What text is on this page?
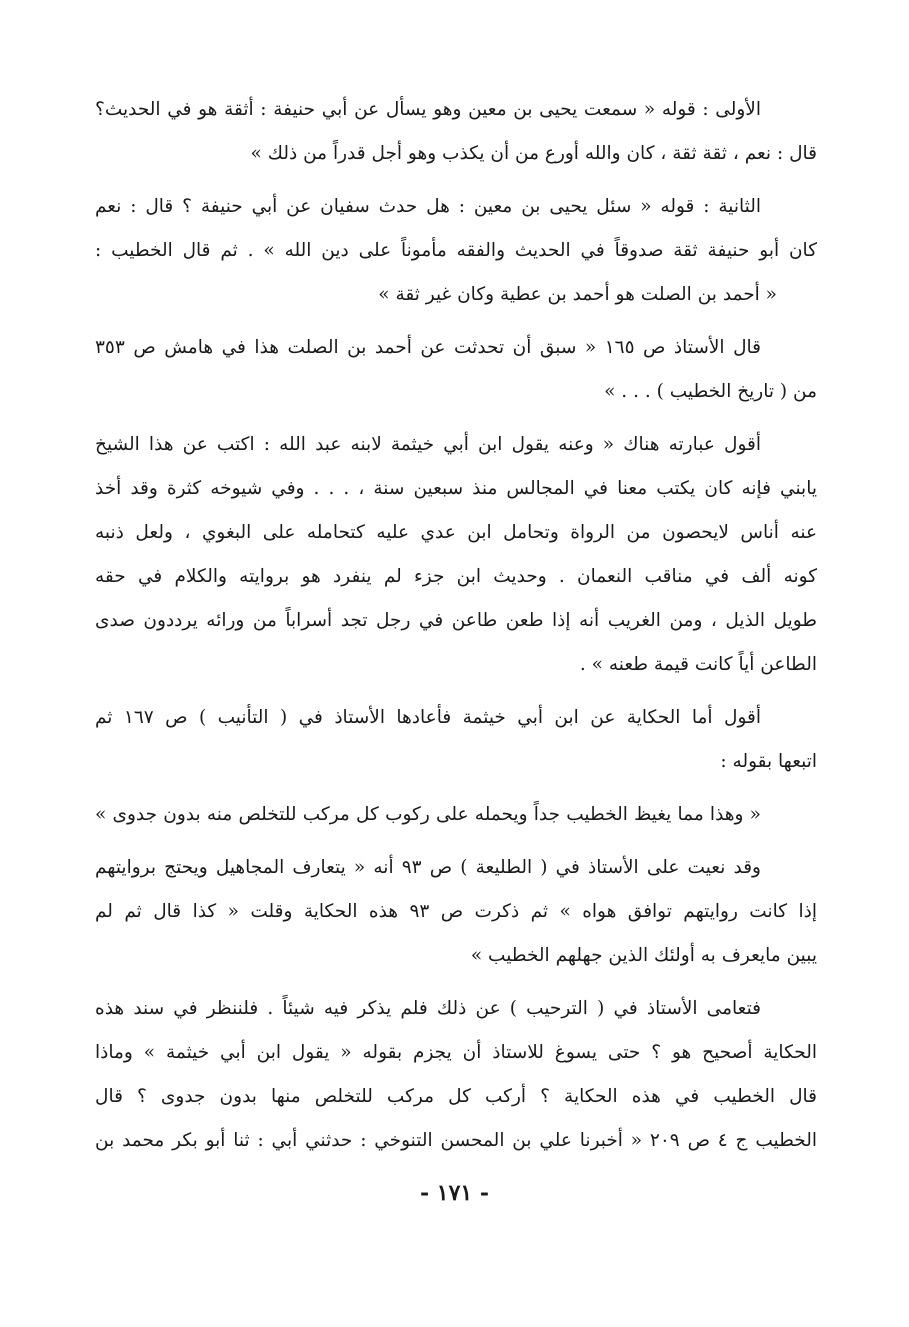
الأولى : قوله « سمعت يحيى بن معين وهو يسأل عن أبي حنيفة : أثقة هو في الحديث؟
قال : نعم ، ثقة ثقة ، كان والله أورع من أن يكذب وهو أجل قدراً من ذلك »
الثانية : قوله « سئل يحيى بن معين : هل حدث سفيان عن أبي حنيفة ؟ قال : نعم
كان أبو حنيفة ثقة صدوقاً في الحديث والفقه مأموناً على دين الله » . ثم قال الخطيب :
« أحمد بن الصلت هو أحمد بن عطية وكان غير ثقة »
قال الأستاذ ص ١٦٥ « سبق أن تحدثت عن أحمد بن الصلت هذا في هامش ص ٣٥٣
من ( تاريخ الخطيب ) . . . »
أقول عبارته هناك « وعنه يقول ابن أبي خيثمة لابنه عبد الله : اكتب عن هذا الشيخ
يابني فإنه كان يكتب معنا في المجالس منذ سبعين سنة ، . . . وفي شيوخه كثرة وقد أخذ
عنه أناس لايحصون من الرواة وتحامل ابن عدي عليه كتحامله على البغوي ، ولعل ذنبه
كونه ألف في مناقب النعمان . وحديث ابن جزء لم ينفرد هو بروايته والكلام في حقه
طويل الذيل ، ومن الغريب أنه إذا طعن طاعن في رجل تجد أسراباً من ورائه يرددون صدى
الطاعن أياً كانت قيمة طعنه » .
أقول أما الحكاية عن ابن أبي خيثمة فأعادها الأستاذ في ( التأنيب ) ص ١٦٧ ثم
اتبعها بقوله :
« وهذا مما يغيظ الخطيب جداً ويحمله على ركوب كل مركب للتخلص منه بدون جدوى »
وقد نعيت على الأستاذ في ( الطليعة ) ص ٩٣ أنه « يتعارف المجاهيل ويحتج بروايتهم
إذا كانت روايتهم توافق هواه » ثم ذكرت ص ٩٣ هذه الحكاية وقلت « كذا قال ثم لم
يبين مايعرف به أولئك الذين جهلهم الخطيب »
فتعامى الأستاذ في ( الترحيب ) عن ذلك فلم يذكر فيه شيئاً . فلننظر في سند هذه
الحكاية أصحيح هو ؟ حتى يسوغ للاستاذ أن يجزم بقوله « يقول ابن أبي خيثمة » وماذا
قال الخطيب في هذه الحكاية ؟ أركب كل مركب للتخلص منها بدون جدوى ؟ قال
الخطيب ج ٤ ص ٢٠٩ « أخبرنا علي بن المحسن التنوخي : حدثني أبي : ثنا أبو بكر محمد بن
- ١٧١ -
